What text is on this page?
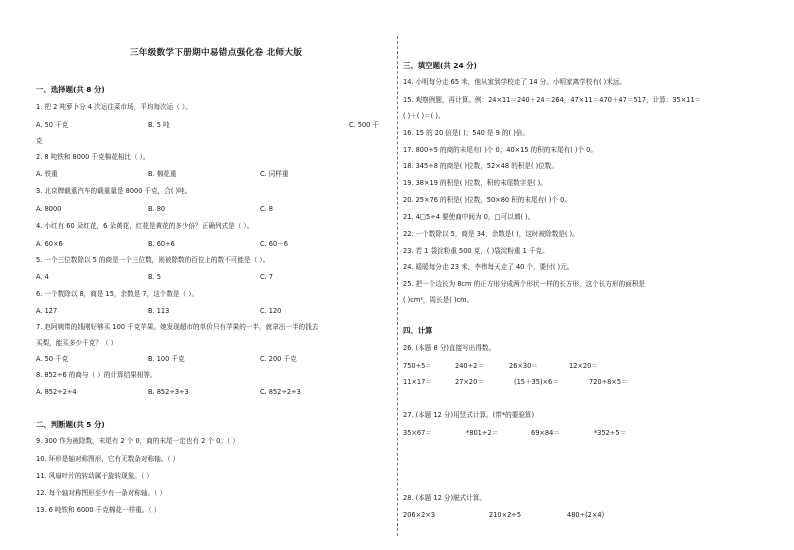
三年级数学下册期中易错点强化卷 北师大版
一、选择题(共 8 分)
1. 把 2 吨萝卜分 4 次运往菜市场，平均每次运（ ）。
A. 50 千克	B. 5 吨	C. 500 千
克
2. 8 吨铁和 8000 千克棉花相比（ ）。
A. 铁重	B. 棉花重	C. 同样重
3. 北京牌载重汽车的载重量是 8000 千克，合( )吨。
A. 8000	B. 80	C. 8
4. 小红有 60 朵红花，6 朵黄花，红花是黄花的多少倍？正确列式是（ ）。
A. 60×6	B. 60÷6	C. 60－6
5. 一个三位数除以 5 的商是一个三位数，则被除数的百位上的数不可能是（ ）。
A. 4	B. 5	C. 7
6. 一个数除以 8，商是 15，余数是 7，这个数是（ ）。
A. 127	B. 113	C. 120
7. 赵阿姨带的钱刚好够买 100 千克苹果。她发现超市的单价只有苹果的一半，就拿出一半的钱去
买梨，能买多少千克？（ ）
A. 50 千克	B. 100 千克	C. 200 千克
8. 852÷6 的商与（ ）的计算结果相等。
A. 852÷2÷4	B. 852÷3÷3	C. 852÷2÷3
二、判断题(共 5 分)
9. 300 作为被除数，末尾有 2 个 0，商的末尾一定也有 2 个 0。（ ）
10. 环形是轴对称图形，它有无数条对称轴。（ ）
11. 风扇叶片的转动属于旋转现象。（ ）
12. 每个轴对称图形至少有一条对称轴。（ ）
13. 6 吨铁和 6000 千克棉花一样重。（ ）
三、填空题(共 24 分)
14. 小明每分走 65 米，他从家到学校走了 14 分。小明家离学校有( )米远。
15. 观察例题，再计算。例：24×11＝240＋24＝264，47×11＝470＋47＝517，计算：35×11＝
( )＋( )＝( )。
16. 15 的 20 倍是( )；540 是 9 的( )倍。
17. 800÷5 的商的末尾有( )个 0；40×15 的积的末尾有( )个 0。
18. 345÷8 的商是( )位数，52×48 的积是( )位数。
19. 38×19 的积是( )位数，积的末尾数字是( )。
20. 25×76 的积是( )位数，50×80 积的末尾有( )个 0。
21. 4□5÷4 要使商中间为 0，□可以填( )。
22. 一个数除以 5，商是 34，余数是( )，这时被除数是( )。
23. 若 1 袋淀粉重 500 克，( )袋淀粉重 1 千克。
24. 暖暖每分走 23 米，李伟每天走了 40 个，要付( )元。
25. 把一个边长为 8cm 的正方形分成两个形状一样的长方形，这个长方形的面积是
( )cm²，周长是( )cm。
四、计算
26. (本题 8 分)直接写出得数。
750÷5＝	240÷2＝	26×30＝	12×20＝
11×17＝	27×20＝	(15＋35)×6＝	720÷8×5＝
27. (本题 12 分)用竖式计算。(带*的要验算)
35×67＝	*801÷2＝	69×84＝	*352÷5＝
28. (本题 12 分)脱式计算。
206×2×3	210×2÷5	480÷(2×4)
